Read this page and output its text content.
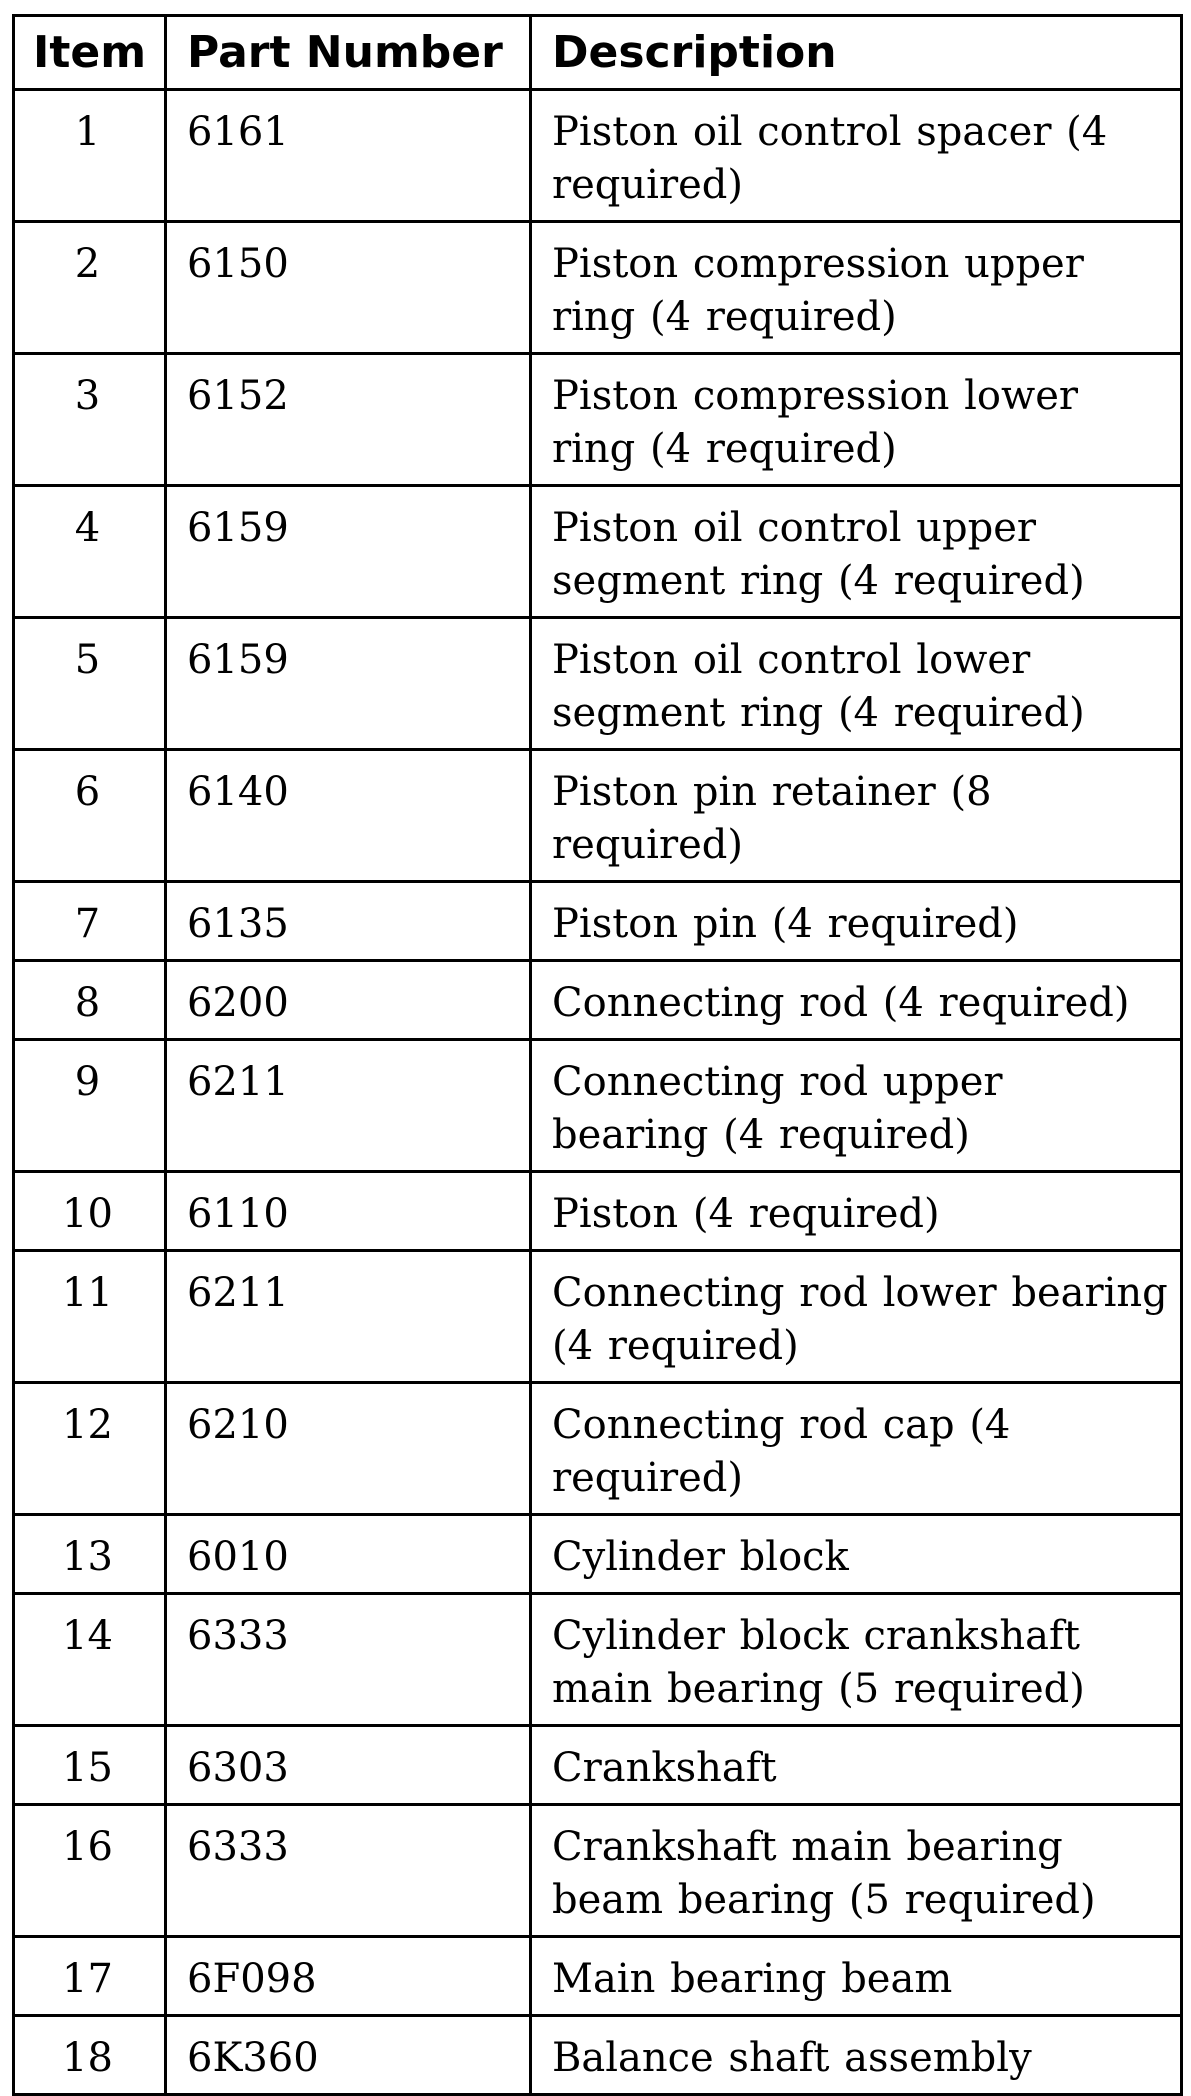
Item	Part Number	Description
1	6161	Piston oil control spacer (4 required)
2	6150	Piston compression upper ring (4 required)
3	6152	Piston compression lower ring (4 required)
4	6159	Piston oil control upper segment ring (4 required)
5	6159	Piston oil control lower segment ring (4 required)
6	6140	Piston pin retainer (8 required)
7	6135	Piston pin (4 required)
8	6200	Connecting rod (4 required)
9	6211	Connecting rod upper bearing (4 required)
10	6110	Piston (4 required)
11	6211	Connecting rod lower bearing (4 required)
12	6210	Connecting rod cap (4 required)
13	6010	Cylinder block
14	6333	Cylinder block crankshaft main bearing (5 required)
15	6303	Crankshaft
16	6333	Crankshaft main bearing beam bearing (5 required)
17	6F098	Main bearing beam
18	6K360	Balance shaft assembly
